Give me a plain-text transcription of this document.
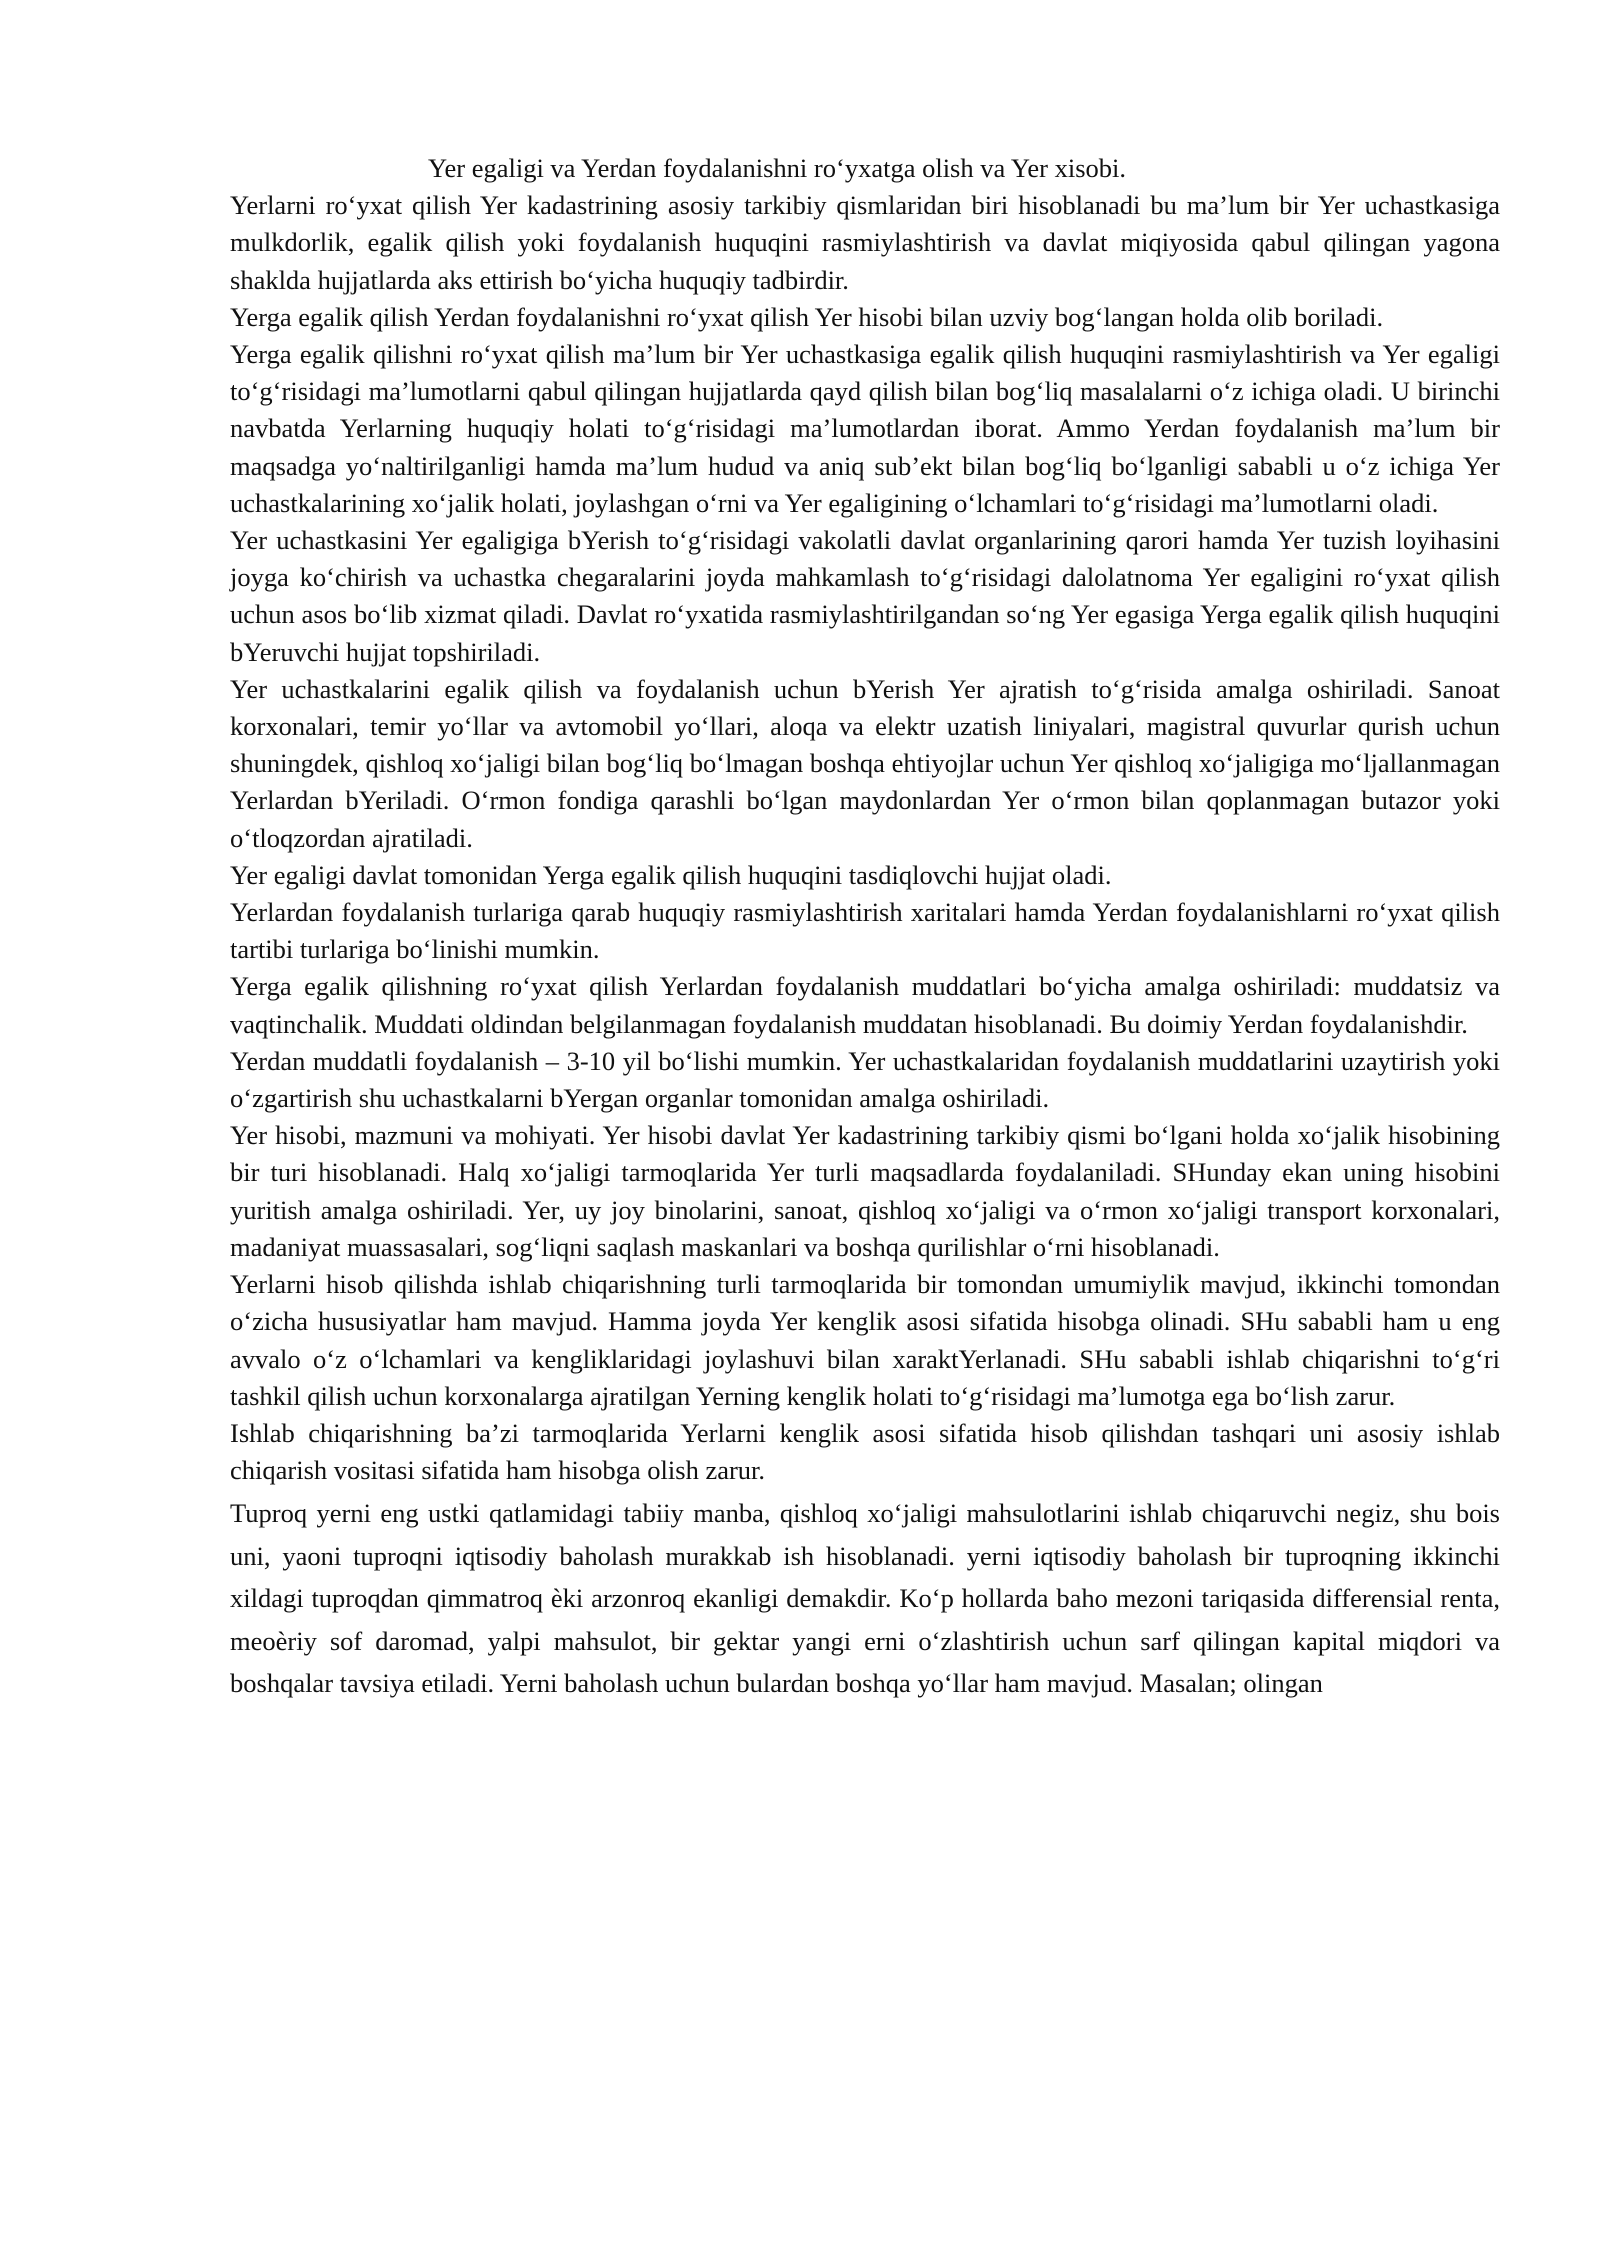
Yer egaligi va Yerdan foydalanishni ro‘yxatga olish va Yer xisobi.

Yerlarni ro‘yxat qilish Yer kadastrining asosiy tarkibiy qismlaridan biri hisoblanadi bu ma’lum bir Yer uchastkasiga mulkdorlik, egalik qilish yoki foydalanish huquqini rasmiylashtirish va davlat miqiyosida qabul qilingan yagona shaklda hujjatlarda aks ettirish bo‘yicha huquqiy tadbirdir.

Yerga egalik qilish Yerdan foydalanishni ro‘yxat qilish Yer hisobi bilan uzviy bog‘langan holda olib boriladi.

Yerga egalik qilishni ro‘yxat qilish ma’lum bir Yer uchastkasiga egalik qilish huquqini rasmiylashtirish va Yer egaligi to‘g‘risidagi ma’lumotlarni qabul qilingan hujjatlarda qayd qilish bilan bog‘liq masalalarni o‘z ichiga oladi. U birinchi navbatda Yerlarning huquqiy holati to‘g‘risidagi ma’lumotlardan iborat. Ammo Yerdan foydalanish ma’lum bir maqsadga yo‘naltirilganligi hamda ma’lum hudud va aniq sub’ekt bilan bog‘liq bo‘lganligi sababli u o‘z ichiga Yer uchastkalarining xo‘jalik holati, joylashgan o‘rni va Yer egaligining o‘lchamlari to‘g‘risidagi ma’lumotlarni oladi.

Yer uchastkasini Yer egaligiga bYerish to‘g‘risidagi vakolatli davlat organlarining qarori hamda Yer tuzish loyihasini joyga ko‘chirish va uchastka chegaralarini joyda mahkamlash to‘g‘risidagi dalolatnoma Yer egaligini ro‘yxat qilish uchun asos bo‘lib xizmat qiladi. Davlat ro‘yxatida rasmiylashtirilgandan so‘ng Yer egasiga Yerga egalik qilish huquqini bYeruvchi hujjat topshiriladi.

Yer uchastkalarini egalik qilish va foydalanish uchun bYerish Yer ajratish to‘g‘risida amalga oshiriladi. Sanoat korxonalari, temir yo‘llar va avtomobil yo‘llari, aloqa va elektr uzatish liniyalari, magistral quvurlar qurish uchun shuningdek, qishloq xo‘jaligi bilan bog‘liq bo‘lmagan boshqa ehtiyojlar uchun Yer qishloq xo‘jaligiga mo‘ljallanmagan Yerlardan bYeriladi. O‘rmon fondiga qarashli bo‘lgan maydonlardan Yer o‘rmon bilan qoplanmagan butazor yoki o‘tloqzordan ajratiladi.

Yer egaligi davlat tomonidan Yerga egalik qilish huquqini tasdiqlovchi hujjat oladi.

Yerlardan foydalanish turlariga qarab huquqiy rasmiylashtirish xaritalari hamda Yerdan foydalanishlarni ro‘yxat qilish tartibi turlariga bo‘linishi mumkin.

Yerga egalik qilishning ro‘yxat qilish Yerlardan foydalanish muddatlari bo‘yicha amalga oshiriladi: muddatsiz va vaqtinchalik. Muddati oldindan belgilanmagan foydalanish muddatan hisoblanadi. Bu doimiy Yerdan foydalanishdir.

Yerdan muddatli foydalanish – 3-10 yil bo‘lishi mumkin. Yer uchastkalaridan foydalanish muddatlarini uzaytirish yoki o‘zgartirish shu uchastkalarni bYergan organlar tomonidan amalga oshiriladi.

Yer hisobi, mazmuni va mohiyati. Yer hisobi davlat Yer kadastrining tarkibiy qismi bo‘lgani holda xo‘jalik hisobining bir turi hisoblanadi. Halq xo‘jaligi tarmoqlarida Yer turli maqsadlarda foydalaniladi. SHunday ekan uning hisobini yuritish amalga oshiriladi. Yer, uy joy binolarini, sanoat, qishloq xo‘jaligi va o‘rmon xo‘jaligi transport korxonalari, madaniyat muassasalari, sog‘liqni saqlash maskanlari va boshqa qurilishlar o‘rni hisoblanadi.

Yerlarni hisob qilishda ishlab chiqarishning turli tarmoqlarida bir tomondan umumiylik mavjud, ikkinchi tomondan o‘zicha hususiyatlar ham mavjud. Hamma joyda Yer kenglik asosi sifatida hisobga olinadi. SHu sababli ham u eng avvalo o‘z o‘lchamlari va kengliklaridagi joylashuvi bilan xaraktYerlanadi. SHu sababli ishlab chiqarishni to‘g‘ri tashkil qilish uchun korxonalarga ajratilgan Yerning kenglik holati to‘g‘risidagi ma’lumotga ega bo‘lish zarur.

Ishlab chiqarishning ba’zi tarmoqlarida Yerlarni kenglik asosi sifatida hisob qilishdan tashqari uni asosiy ishlab chiqarish vositasi sifatida ham hisobga olish zarur.

Tuproq yerni eng ustki qatlamidagi tabiiy manba, qishloq xo‘jaligi mahsulotlarini ishlab chiqaruvchi negiz, shu bois uni, yaoni tuproqni iqtisodiy baholash murakkab ish hisoblanadi. yerni iqtisodiy baholash bir tuproqning ikkinchi xildagi tuproqdan qimmatroq èki arzonroq ekanligi demakdir. Ko‘p hollarda baho mezoni tariqasida differensial renta, meoèriy sof daromad, yalpi mahsulot, bir gektar yangi erni o‘zlashtirish uchun sarf qilingan kapital miqdori va boshqalar tavsiya etiladi. Yerni baholash uchun bulardan boshqa yo‘llar ham mavjud. Masalan; olingan
